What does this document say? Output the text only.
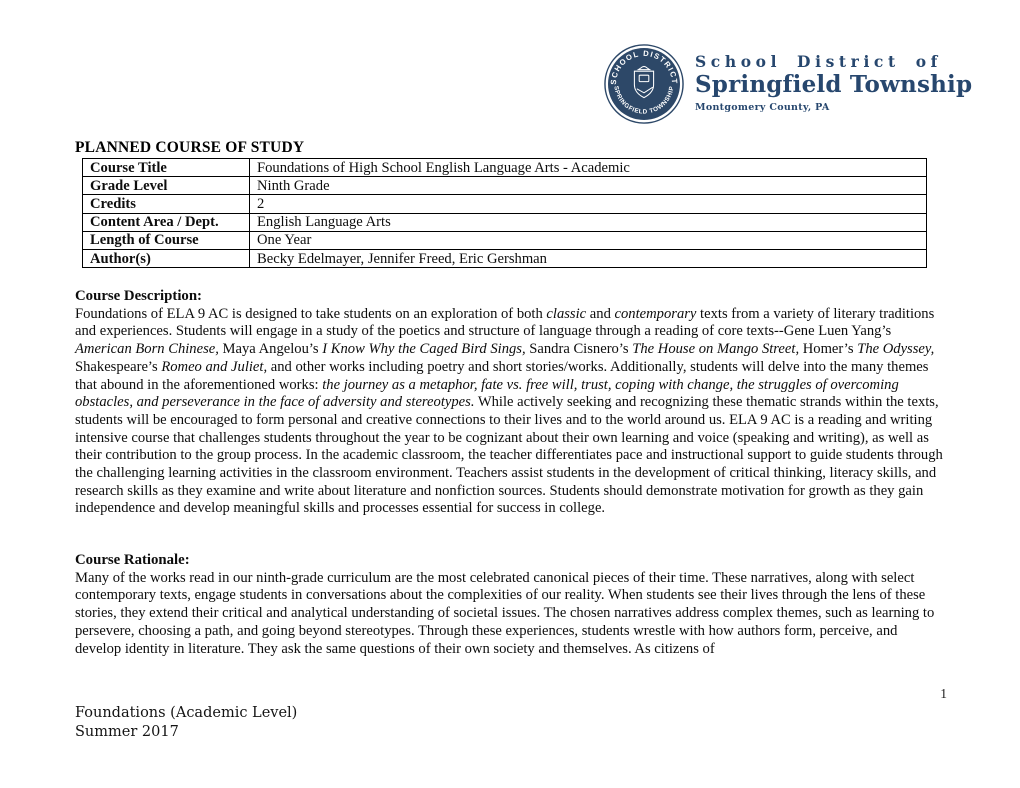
SCHOOL DISTRICT
SPRINGFIELD TOWNSHIP
School District of
Springfield Township
Montgomery County, PA
PLANNED COURSE OF STUDY
Course Title	Foundations of High School English Language Arts - Academic
Grade Level	Ninth Grade
Credits	2
Content Area / Dept.	English Language Arts
Length of Course	One Year
Author(s)	Becky Edelmayer, Jennifer Freed, Eric Gershman
Course Description:

Foundations of ELA 9 AC is designed to take students on an exploration of both classic and contemporary texts from a variety of literary traditions and experiences. Students will engage in a study of the poetics and structure of language through a reading of core texts--Gene Luen Yang’s American Born Chinese, Maya Angelou’s I Know Why the Caged Bird Sings, Sandra Cisnero’s The House on Mango Street, Homer’s The Odyssey, Shakespeare’s Romeo and Juliet, and other works including poetry and short stories/works. Additionally, students will delve into the many themes that abound in the aforementioned works: the journey as a metaphor, fate vs. free will, trust, coping with change, the struggles of overcoming obstacles, and perseverance in the face of adversity and stereotypes. While actively seeking and recognizing these thematic strands within the texts, students will be encouraged to form personal and creative connections to their lives and to the world around us. ELA 9 AC is a reading and writing intensive course that challenges students throughout the year to be cognizant about their own learning and voice (speaking and writing), as well as their contribution to the group process. In the academic classroom, the teacher differentiates pace and instructional support to guide students through the challenging learning activities in the classroom environment. Teachers assist students in the development of critical thinking, literacy skills, and research skills as they examine and write about literature and nonfiction sources. Students should demonstrate motivation for growth as they gain independence and develop meaningful skills and processes essential for success in college.

Course Rationale:

Many of the works read in our ninth-grade curriculum are the most celebrated canonical pieces of their time. These narratives, along with select contemporary texts, engage students in conversations about the complexities of our reality. When students see their lives through the lens of these stories, they extend their critical and analytical understanding of societal issues. The chosen narratives address complex themes, such as learning to persevere, choosing a path, and going beyond stereotypes. Through these experiences, students wrestle with how authors form, perceive, and develop identity in literature. They ask the same questions of their own society and themselves. As citizens of

1
Foundations (Academic Level)
Summer 2017
